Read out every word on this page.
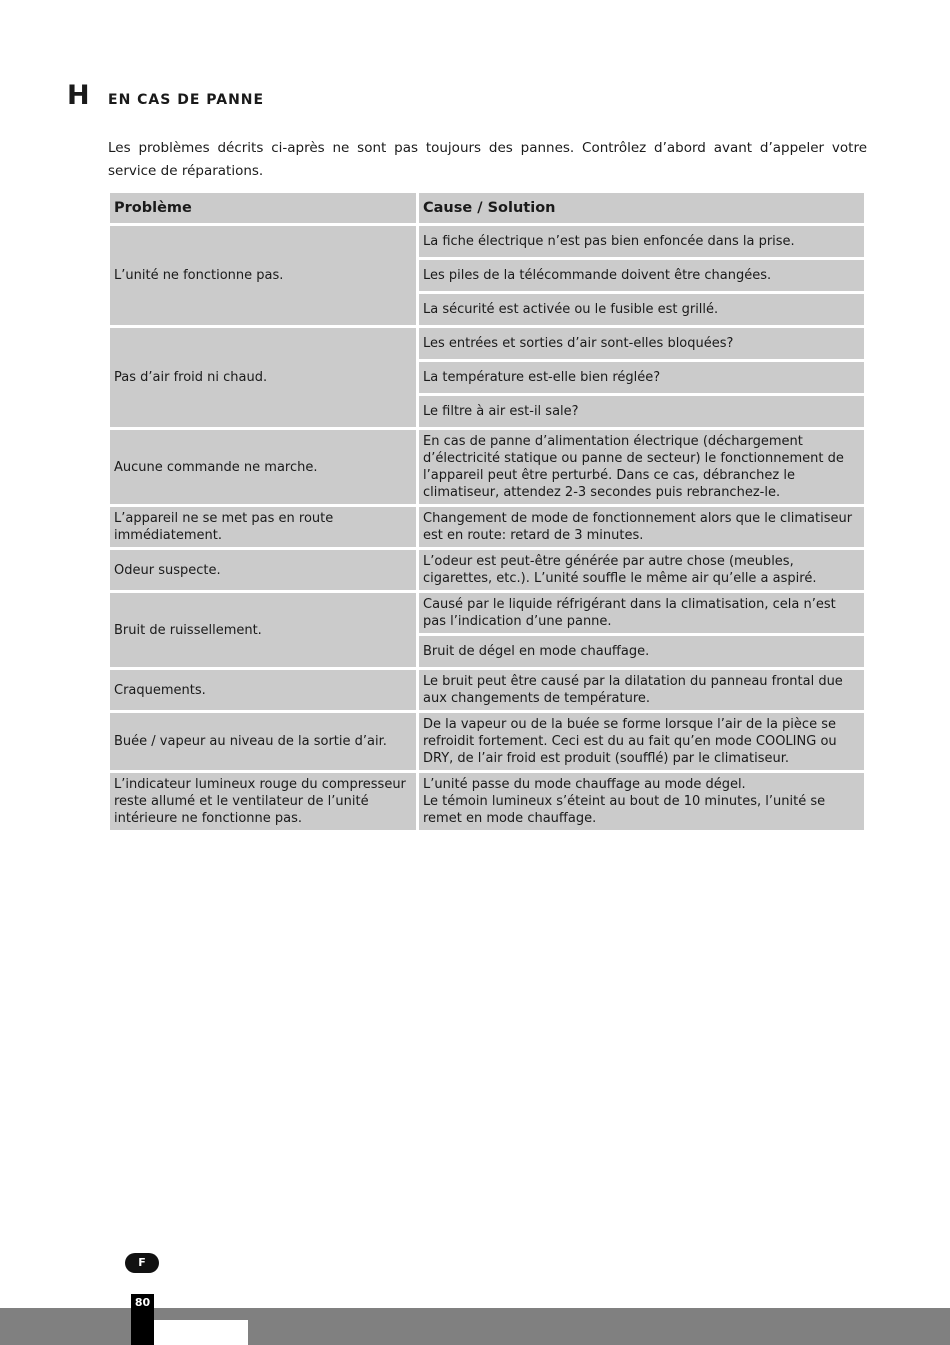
H EN CAS DE PANNE

Les problèmes décrits ci-après ne sont pas toujours des pannes. Contrôlez d’abord avant d’appeler votre service de réparations.

Problème	Cause / Solution
L’unité ne fonctionne pas.	La fiche électrique n’est pas bien enfoncée dans la prise.
	Les piles de la télécommande doivent être changées.
	La sécurité est activée ou le fusible est grillé.
Pas d’air froid ni chaud.	Les entrées et sorties d’air sont-elles bloquées?
	La température est-elle bien réglée?
	Le filtre à air est-il sale?
Aucune commande ne marche.	En cas de panne d’alimentation électrique (déchargement d’électricité statique ou panne de secteur) le fonctionnement de l’appareil peut être perturbé. Dans ce cas, débranchez le climatiseur, attendez 2-3 secondes puis rebranchez-le.
L’appareil ne se met pas en route immédiatement.	Changement de mode de fonctionnement alors que le climatiseur est en route: retard de 3 minutes.
Odeur suspecte.	L’odeur est peut-être générée par autre chose (meubles, cigarettes, etc.). L’unité souffle le même air qu’elle a aspiré.
Bruit de ruissellement.	Causé par le liquide réfrigérant dans la climatisation, cela n’est pas l’indication d’une panne.
	Bruit de dégel en mode chauffage.
Craquements.	Le bruit peut être causé par la dilatation du panneau frontal due aux changements de température.
Buée / vapeur au niveau de la sortie d’air.	De la vapeur ou de la buée se forme lorsque l’air de la pièce se refroidit fortement. Ceci est du au fait qu’en mode COOLING ou DRY, de l’air froid est produit (soufflé) par le climatiseur.
L’indicateur lumineux rouge du compresseur reste allumé et le ventilateur de l’unité intérieure ne fonctionne pas.	L’unité passe du mode chauffage au mode dégel.
Le témoin lumineux s’éteint au bout de 10 minutes, l’unité se remet en mode chauffage.
F
80
